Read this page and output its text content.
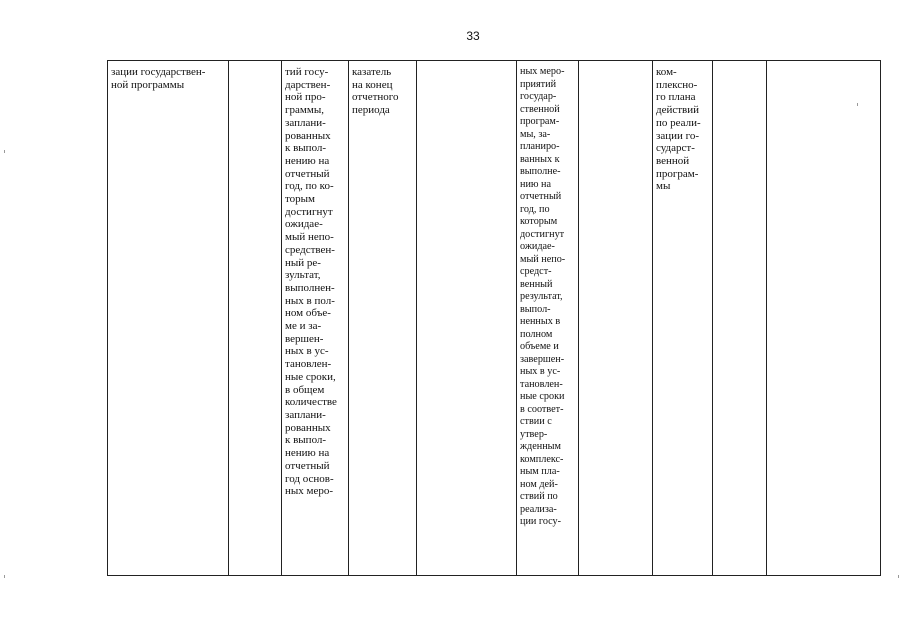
33
зации государствен-
ной программы
тий госу-
дарствен-
ной про-
граммы,
заплани-
рованных
к выпол-
нению на
отчетный
год, по ко-
торым
достигнут
ожидае-
мый непо-
средствен-
ный ре-
зультат,
выполнен-
ных в пол-
ном объе-
ме и за-
вершен-
ных в ус-
тановлен-
ные сроки,
в общем
количестве
заплани-
рованных
к выпол-
нению на
отчетный
год основ-
ных меро-
казатель
на конец
отчетного
периода
ных меро-
приятий
государ-
ственной
програм-
мы, за-
планиро-
ванных к
выполне-
нию на
отчетный
год, по
которым
достигнут
ожидае-
мый непо-
средст-
венный
результат,
выпол-
ненных в
полном
объеме и
завершен-
ных в ус-
тановлен-
ные сроки
в соответ-
ствии с
утвер-
жденным
комплекс-
ным пла-
ном дей-
ствий по
реализа-
ции госу-
ком-
плексно-
го плана
действий
по реали-
зации го-
сударст-
венной
програм-
мы
